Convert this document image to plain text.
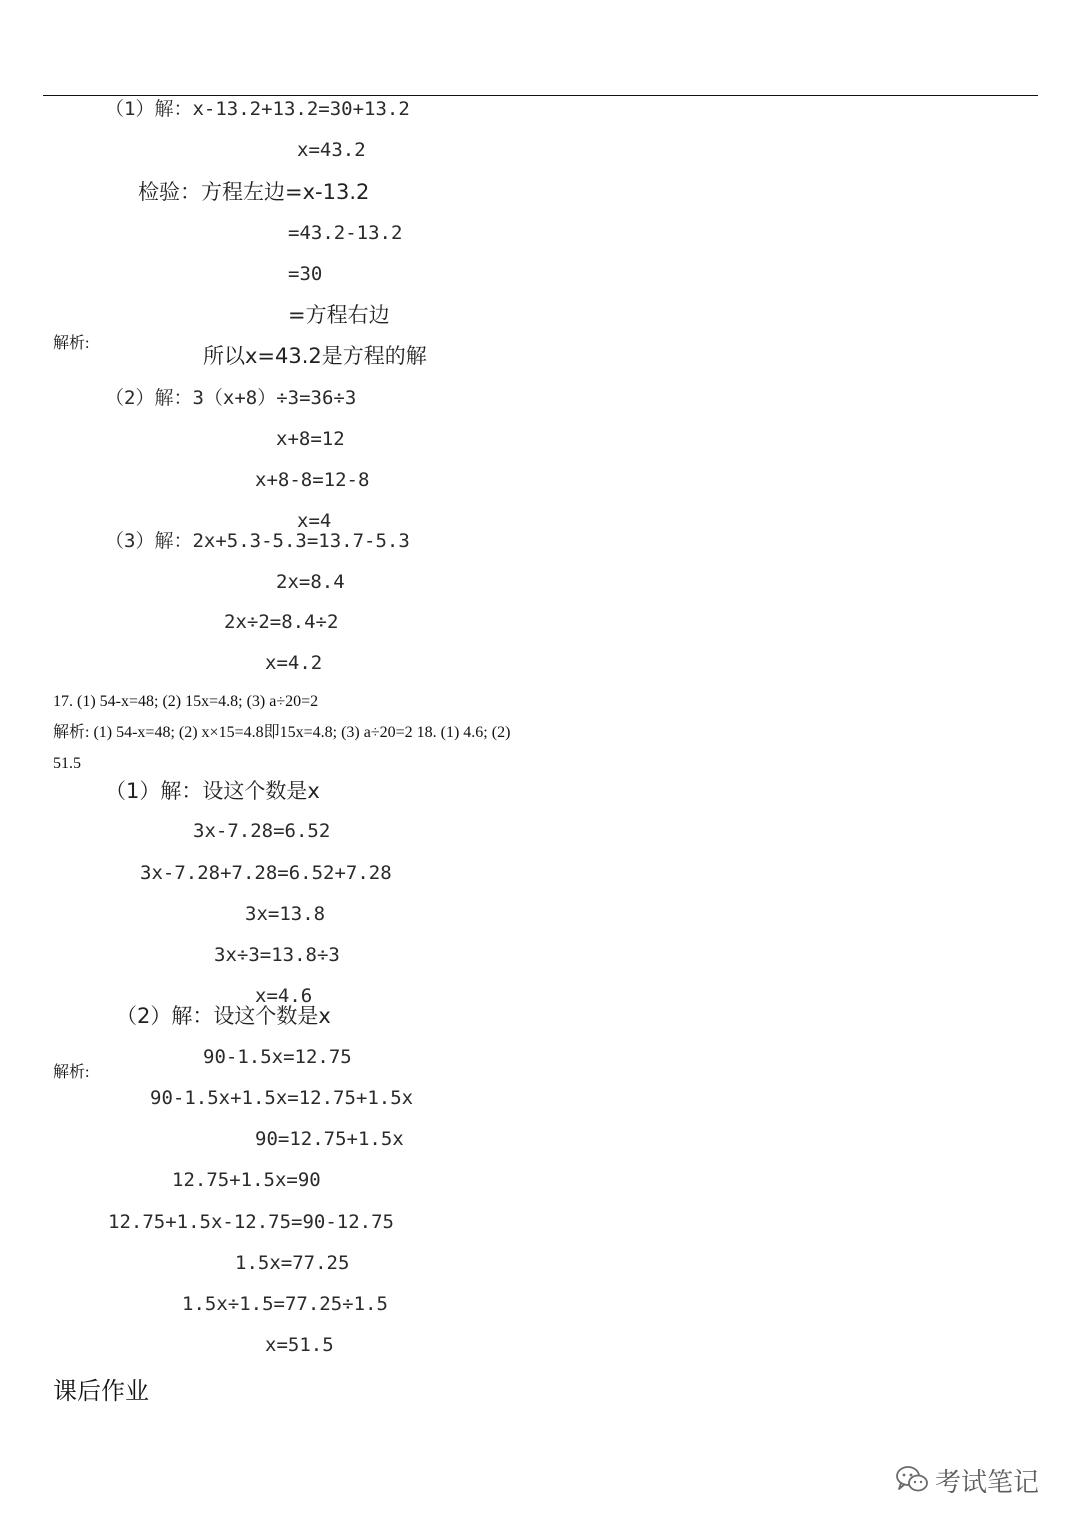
（1）解：x-13.2+13.2=30+13.2
x=43.2
检验：方程左边=x-13.2
=43.2-13.2
=30
=方程右边
解析:
所以x=43.2是方程的解
（2）解：3（x+8）÷3=36÷3
x+8=12
x+8-8=12-8
x=4
（3）解：2x+5.3-5.3=13.7-5.3
2x=8.4
2x÷2=8.4÷2
x=4.2
17. (1) 54-x=48; (2) 15x=4.8; (3) a÷20=2
解析: (1) 54-x=48; (2) x×15=4.8即15x=4.8; (3) a÷20=2 18. (1) 4.6; (2)
51.5
（1）解：设这个数是x
3x-7.28=6.52
3x-7.28+7.28=6.52+7.28
3x=13.8
3x÷3=13.8÷3
x=4.6
（2）解：设这个数是x
90-1.5x=12.75
解析:
90-1.5x+1.5x=12.75+1.5x
90=12.75+1.5x
12.75+1.5x=90
12.75+1.5x-12.75=90-12.75
1.5x=77.25
1.5x÷1.5=77.25÷1.5
x=51.5
课后作业
考试笔记
